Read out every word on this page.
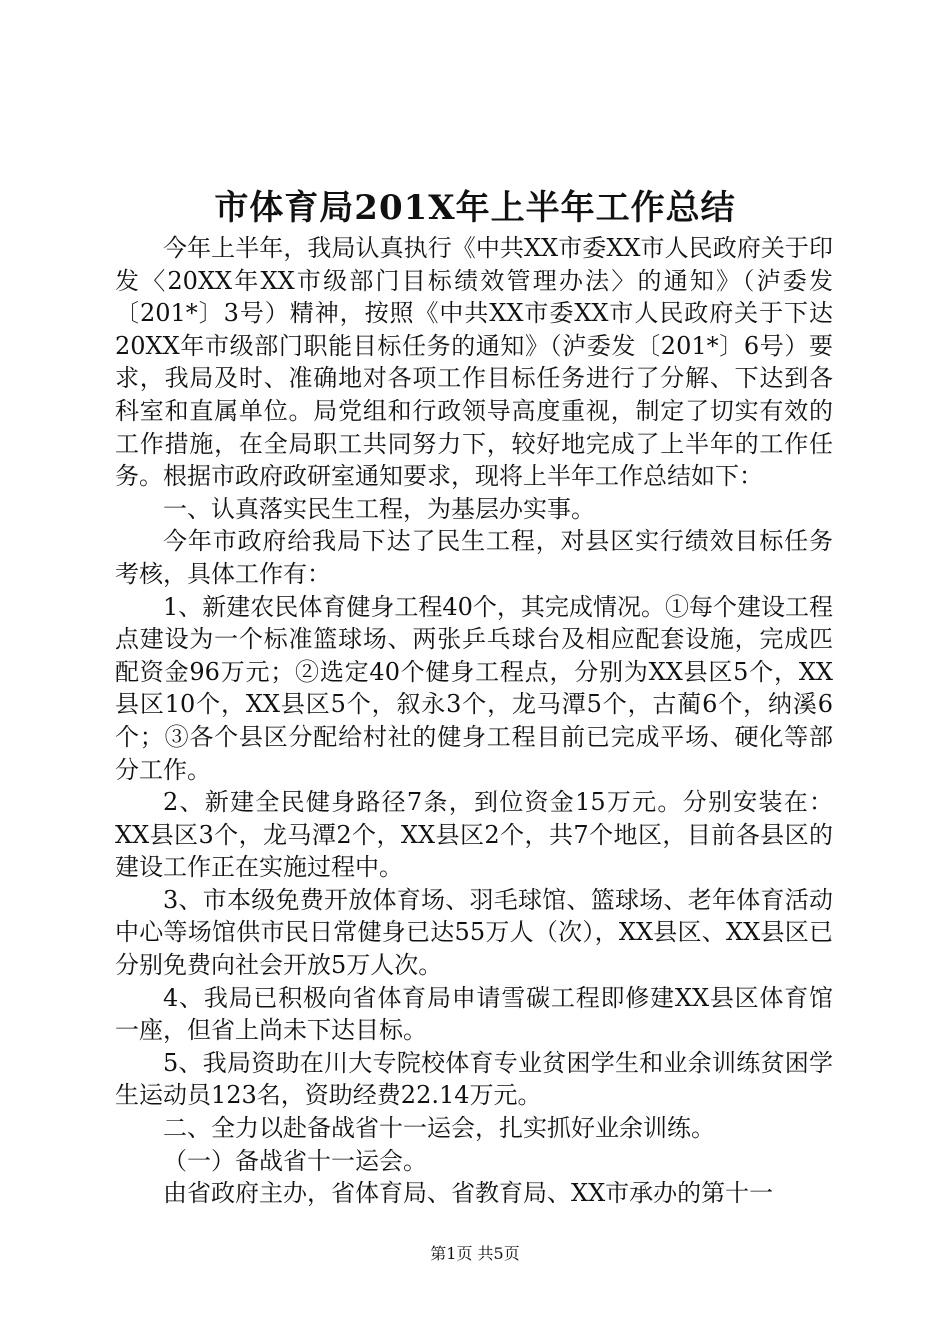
市体育局201X年上半年工作总结

今年上半年，我局认真执行《中共XX市委XX市人民政府关于印发〈20XX年XX市级部门目标绩效管理办法〉的通知》（泸委发〔201*〕3号）精神，按照《中共XX市委XX市人民政府关于下达20XX年市级部门职能目标任务的通知》（泸委发〔201*〕6号）要求，我局及时、准确地对各项工作目标任务进行了分解、下达到各科室和直属单位。局党组和行政领导高度重视，制定了切实有效的工作措施，在全局职工共同努力下，较好地完成了上半年的工作任务。根据市政府政研室通知要求，现将上半年工作总结如下：

一、认真落实民生工程，为基层办实事。

今年市政府给我局下达了民生工程，对县区实行绩效目标任务考核，具体工作有：

1、新建农民体育健身工程40个，其完成情况。①每个建设工程点建设为一个标准篮球场、两张乒乓球台及相应配套设施，完成匹配资金96万元；②选定40个健身工程点，分别为XX县区5个，XX县区10个，XX县区5个，叙永3个，龙马潭5个，古蔺6个，纳溪6个；③各个县区分配给村社的健身工程目前已完成平场、硬化等部分工作。

2、新建全民健身路径7条，到位资金15万元。分别安装在：XX县区3个，龙马潭2个，XX县区2个，共7个地区，目前各县区的建设工作正在实施过程中。

3、市本级免费开放体育场、羽毛球馆、篮球场、老年体育活动中心等场馆供市民日常健身已达55万人（次），XX县区、XX县区已分别免费向社会开放5万人次。

4、我局已积极向省体育局申请雪碳工程即修建XX县区体育馆一座，但省上尚未下达目标。

5、我局资助在川大专院校体育专业贫困学生和业余训练贫困学生运动员123名，资助经费22.14万元。

二、全力以赴备战省十一运会，扎实抓好业余训练。

（一）备战省十一运会。

由省政府主办，省体育局、省教育局、XX市承办的第十一

第1页 共5页
